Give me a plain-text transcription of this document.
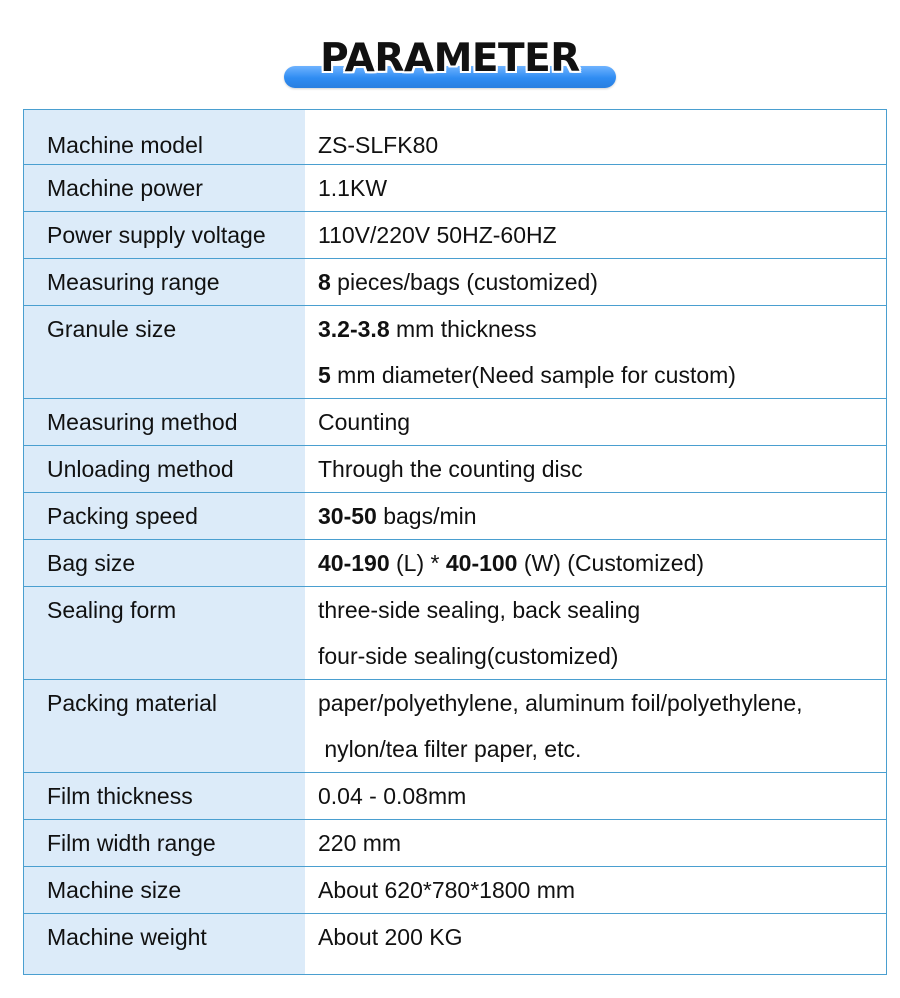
PARAMETER
Machine model	ZS-SLFK80
Machine power	1.1KW
Power supply voltage	110V/220V 50HZ-60HZ
Measuring range	8 pieces/bags (customized)
Granule size	3.2-3.8 mm thickness
5 mm diameter(Need sample for custom)
Measuring method	Counting
Unloading method	Through the counting disc
Packing speed	30-50 bags/min
Bag size	40-190 (L) * 40-100 (W) (Customized)
Sealing form	three-side sealing, back sealing
four-side sealing(customized)
Packing material	paper/polyethylene, aluminum foil/polyethylene,
nylon/tea filter paper, etc.
Film thickness	0.04 - 0.08mm
Film width range	220 mm
Machine size	About 620*780*1800 mm
Machine weight	About 200 KG
